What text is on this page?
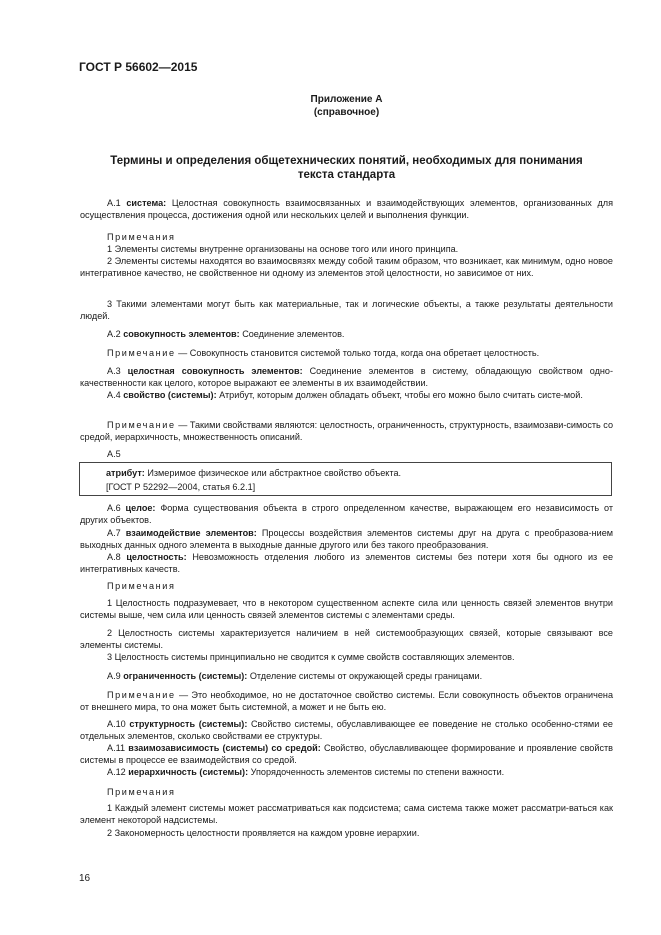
ГОСТ Р 56602—2015
Приложение А
(справочное)
Термины и определения общетехнических понятий, необходимых для понимания
текста стандарта

А.1 система: Целостная совокупность взаимосвязанных и взаимодействующих элементов, организованных для осуществления процесса, достижения одной или нескольких целей и выполнения функции.

Примечания

1 Элементы системы внутренне организованы на основе того или иного принципа.

2 Элементы системы находятся во взаимосвязях между собой таким образом, что возникает, как минимум, одно новое интегративное качество, не свойственное ни одному из элементов этой целостности, но зависимое от них.

3 Такими элементами могут быть как материальные, так и логические объекты, а также результаты деятельности людей.

А.2 совокупность элементов: Соединение элементов.

Примечание — Совокупность становится системой только тогда, когда она обретает целостность.

А.3 целостная совокупность элементов: Соединение элементов в систему, обладающую свойством одно-качественности как целого, которое выражают ее элементы в их взаимодействии.

А.4 свойство (системы): Атрибут, которым должен обладать объект, чтобы его можно было считать систе-мой.

Примечание — Такими свойствами являются: целостность, ограниченность, структурность, взаимозави-симость со средой, иерархичность, множественность описаний.

А.5

атрибут: Измеримое физическое или абстрактное свойство объекта.

[ГОСТ Р 52292—2004, статья 6.2.1]

А.6 целое: Форма существования объекта в строго определенном качестве, выражающем его независимость от других объектов.

А.7 взаимодействие элементов: Процессы воздействия элементов системы друг на друга с преобразова-нием выходных данных одного элемента в выходные данные другого или без такого преобразования.

А.8 целостность: Невозможность отделения любого из элементов системы без потери хотя бы одного из ее интегративных качеств.

Примечания

1 Целостность подразумевает, что в некотором существенном аспекте сила или ценность связей элементов внутри системы выше, чем сила или ценность связей элементов системы с элементами среды.

2 Целостность системы характеризуется наличием в ней системообразующих связей, которые связывают все элементы системы.

3 Целостность системы принципиально не сводится к сумме свойств составляющих элементов.

А.9 ограниченность (системы): Отделение системы от окружающей среды границами.

Примечание — Это необходимое, но не достаточное свойство системы. Если совокупность объектов ограничена от внешнего мира, то она может быть системной, а может и не быть ею.

А.10 структурность (системы): Свойство системы, обуславливающее ее поведение не столько особенно-стями ее отдельных элементов, сколько свойствами ее структуры.

А.11 взаимозависимость (системы) со средой: Свойство, обуславливающее формирование и проявление свойств системы в процессе ее взаимодействия со средой.

А.12 иерархичность (системы): Упорядоченность элементов системы по степени важности.

Примечания

1 Каждый элемент системы может рассматриваться как подсистема; сама система также может рассматри-ваться как элемент некоторой надсистемы.

2 Закономерность целостности проявляется на каждом уровне иерархии.

16
